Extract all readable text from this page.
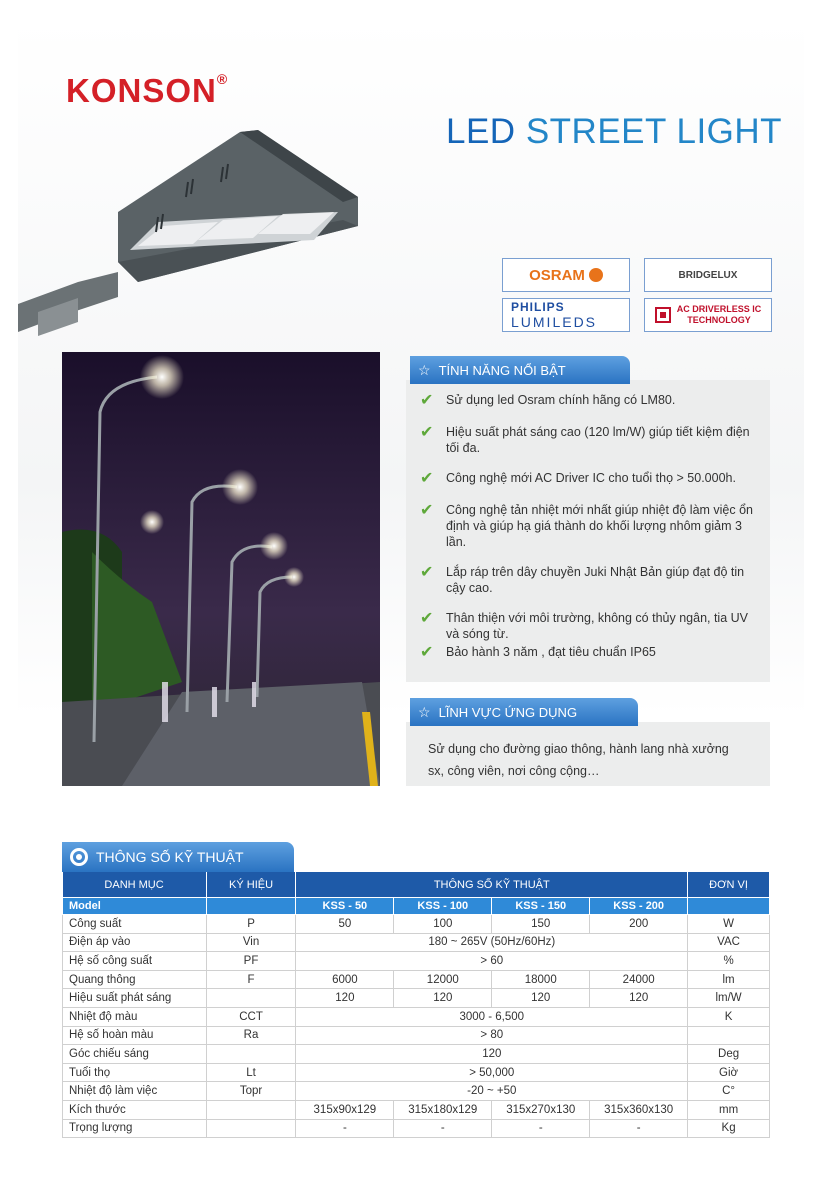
KONSON®
LED STREET LIGHT
OSRAM	BRIDGELUX
PHILIPS
LUMILEDS
AC DRIVERLESS IC
TECHNOLOGY
☆ TÍNH NĂNG NỔI BẬT
✔	Sử dụng led Osram chính hãng có LM80.
✔	Hiệu suất phát sáng cao (120 lm/W) giúp tiết kiệm điện tối đa.
✔	Công nghệ mới AC Driver IC cho tuổi thọ > 50.000h.
✔	Công nghệ tản nhiệt mới nhất giúp nhiệt độ làm việc ổn định và giúp hạ giá thành do khối lượng nhôm giảm 3 lần.
✔	Lắp ráp trên dây chuyền Juki Nhật Bản giúp đạt độ tin cậy cao.
✔	Thân thiện với môi trường, không có thủy ngân, tia UV và sóng từ.
✔	Bảo hành 3 năm , đạt tiêu chuẩn IP65
☆ LĨNH VỰC ỨNG DỤNG
Sử dụng cho đường giao thông, hành lang nhà xưởng sx, công viên, nơi công cộng…
THÔNG SỐ KỸ THUẬT
DANH MỤC	KÝ HIỆU	THÔNG SỐ KỸ THUẬT				ĐƠN VỊ
Model		KSS - 50	KSS - 100	KSS - 150	KSS - 200	
Công suất	P	50	100	150	200	W
Điện áp vào	Vin	180 ~ 265V (50Hz/60Hz)				VAC
Hệ số công suất	PF	> 60				%
Quang thông	F	6000	12000	18000	24000	lm
Hiệu suất phát sáng		120	120	120	120	lm/W
Nhiệt độ màu	CCT	3000 - 6,500				K
Hệ số hoàn màu	Ra	> 80				
Góc chiếu sáng		120				Deg
Tuổi thọ	Lt	> 50,000				Giờ
Nhiệt độ làm việc	Topr	-20 ~ +50				C°
Kích thước		315x90x129	315x180x129	315x270x130	315x360x130	mm
Trọng lượng		-	-	-	-	Kg
